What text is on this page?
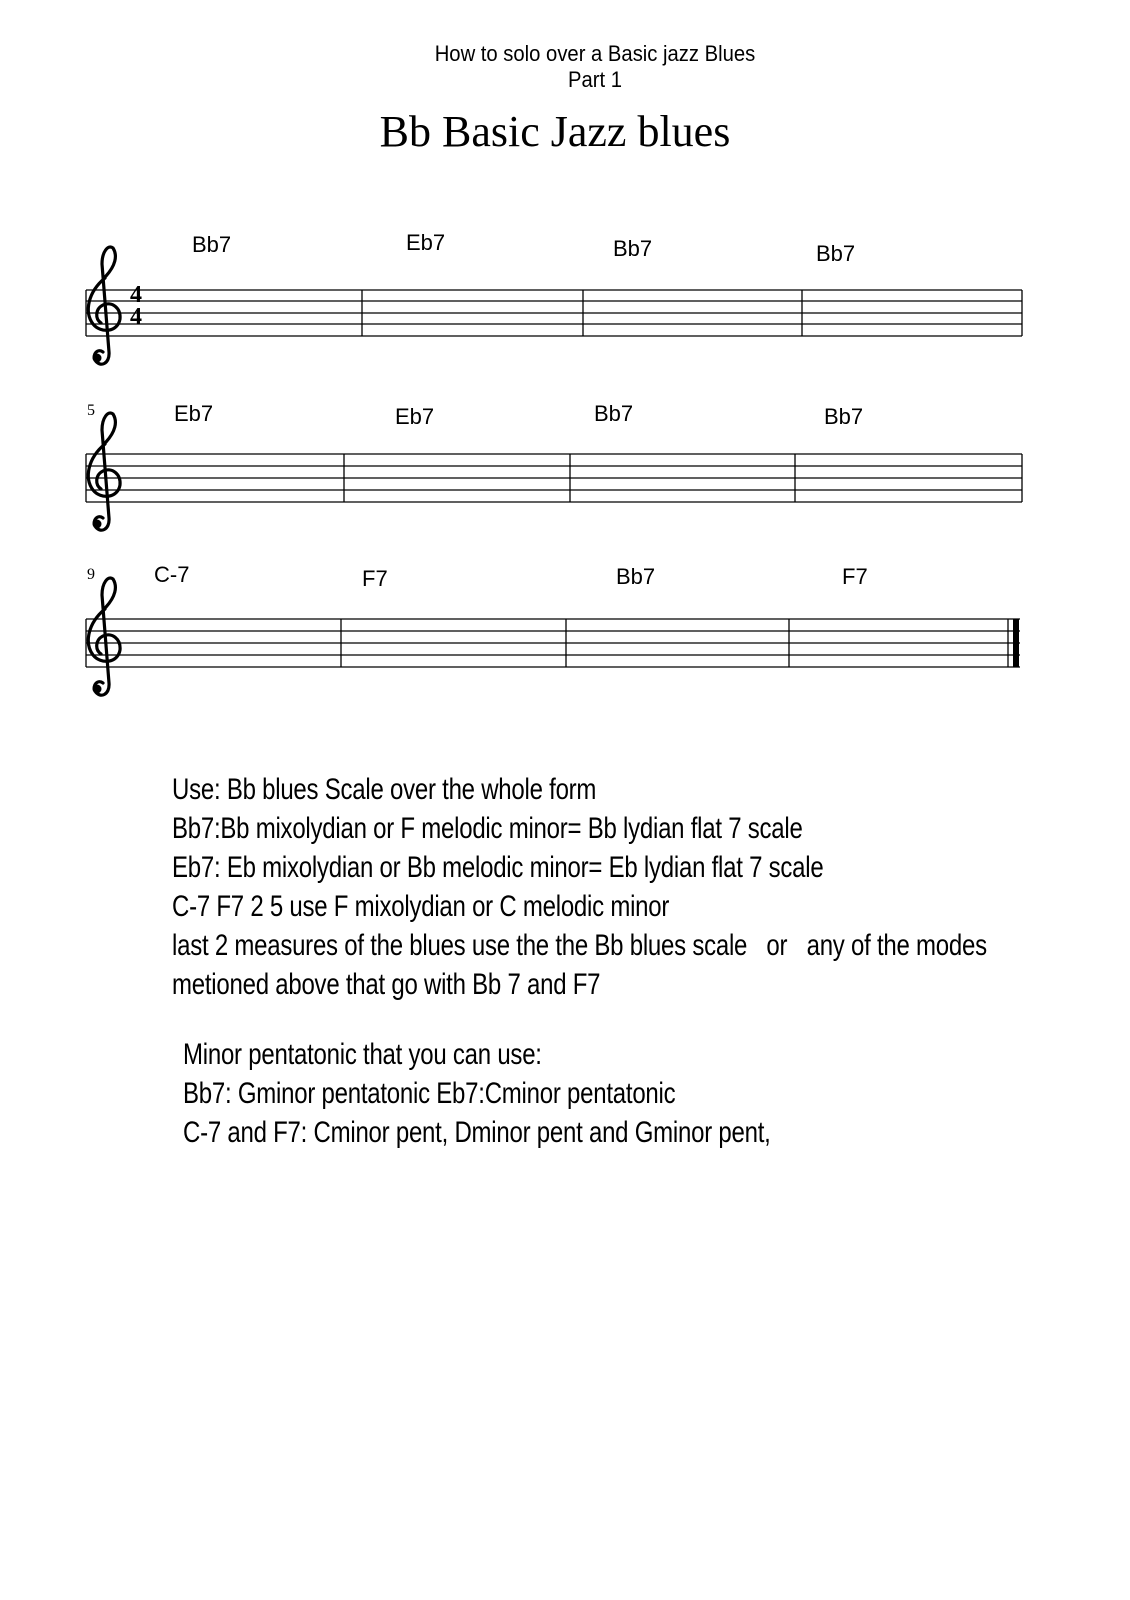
How to solo over a Basic jazz Blues
Part 1
Bb Basic Jazz blues
4
4
5
9
Bb7	Eb7	Bb7	Bb7
Eb7	Eb7	Bb7	Bb7
C-7	F7	Bb7	F7
Use: Bb blues Scale over the whole form
Bb7:Bb mixolydian or F melodic minor= Bb lydian flat 7 scale
Eb7: Eb mixolydian or Bb melodic minor= Eb lydian flat 7 scale
C-7 F7 2 5 use F mixolydian or C melodic minor
last 2 measures of the blues use the the Bb blues scale   or   any of the modes
metioned above that go with Bb 7 and F7
Minor pentatonic that you can use:
Bb7: Gminor pentatonic Eb7:Cminor pentatonic
C-7 and F7: Cminor pent, Dminor pent and Gminor pent,
